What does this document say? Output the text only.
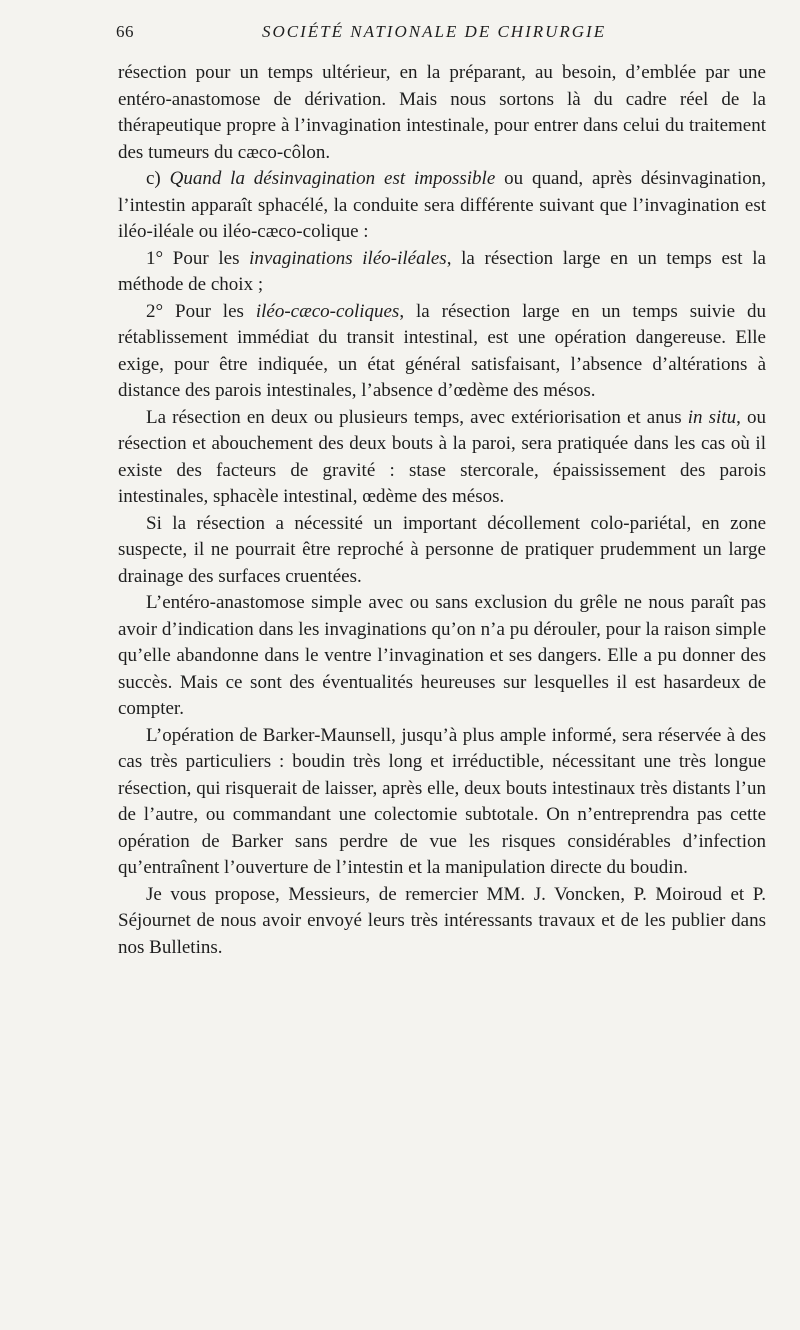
66	SOCIÉTÉ NATIONALE DE CHIRURGIE

résection pour un temps ultérieur, en la préparant, au besoin, d’emblée par une entéro-anastomose de dérivation. Mais nous sortons là du cadre réel de la thérapeutique propre à l’invagination intestinale, pour entrer dans celui du traitement des tumeurs du cæco-côlon.

c) Quand la désinvagination est impossible ou quand, après désinvagination, l’intestin apparaît sphacélé, la conduite sera différente suivant que l’invagination est iléo-iléale ou iléo-cæco-colique :

1° Pour les invaginations iléo-iléales, la résection large en un temps est la méthode de choix ;

2° Pour les iléo-cæco-coliques, la résection large en un temps suivie du rétablissement immédiat du transit intestinal, est une opération dangereuse. Elle exige, pour être indiquée, un état général satisfaisant, l’absence d’altérations à distance des parois intestinales, l’absence d’œdème des mésos.

La résection en deux ou plusieurs temps, avec extériorisation et anus in situ, ou résection et abouchement des deux bouts à la paroi, sera pratiquée dans les cas où il existe des facteurs de gravité : stase stercorale, épaississement des parois intestinales, sphacèle intestinal, œdème des mésos.

Si la résection a nécessité un important décollement colo-pariétal, en zone suspecte, il ne pourrait être reproché à personne de pratiquer prudemment un large drainage des surfaces cruentées.

L’entéro-anastomose simple avec ou sans exclusion du grêle ne nous paraît pas avoir d’indication dans les invaginations qu’on n’a pu dérouler, pour la raison simple qu’elle abandonne dans le ventre l’invagination et ses dangers. Elle a pu donner des succès. Mais ce sont des éventualités heureuses sur lesquelles il est hasardeux de compter.

L’opération de Barker-Maunsell, jusqu’à plus ample informé, sera réservée à des cas très particuliers : boudin très long et irréductible, nécessitant une très longue résection, qui risquerait de laisser, après elle, deux bouts intestinaux très distants l’un de l’autre, ou commandant une colectomie subtotale. On n’entreprendra pas cette opération de Barker sans perdre de vue les risques considérables d’infection qu’entraînent l’ouverture de l’intestin et la manipulation directe du boudin.

Je vous propose, Messieurs, de remercier MM. J. Voncken, P. Moiroud et P. Séjournet de nous avoir envoyé leurs très intéressants travaux et de les publier dans nos Bulletins.
